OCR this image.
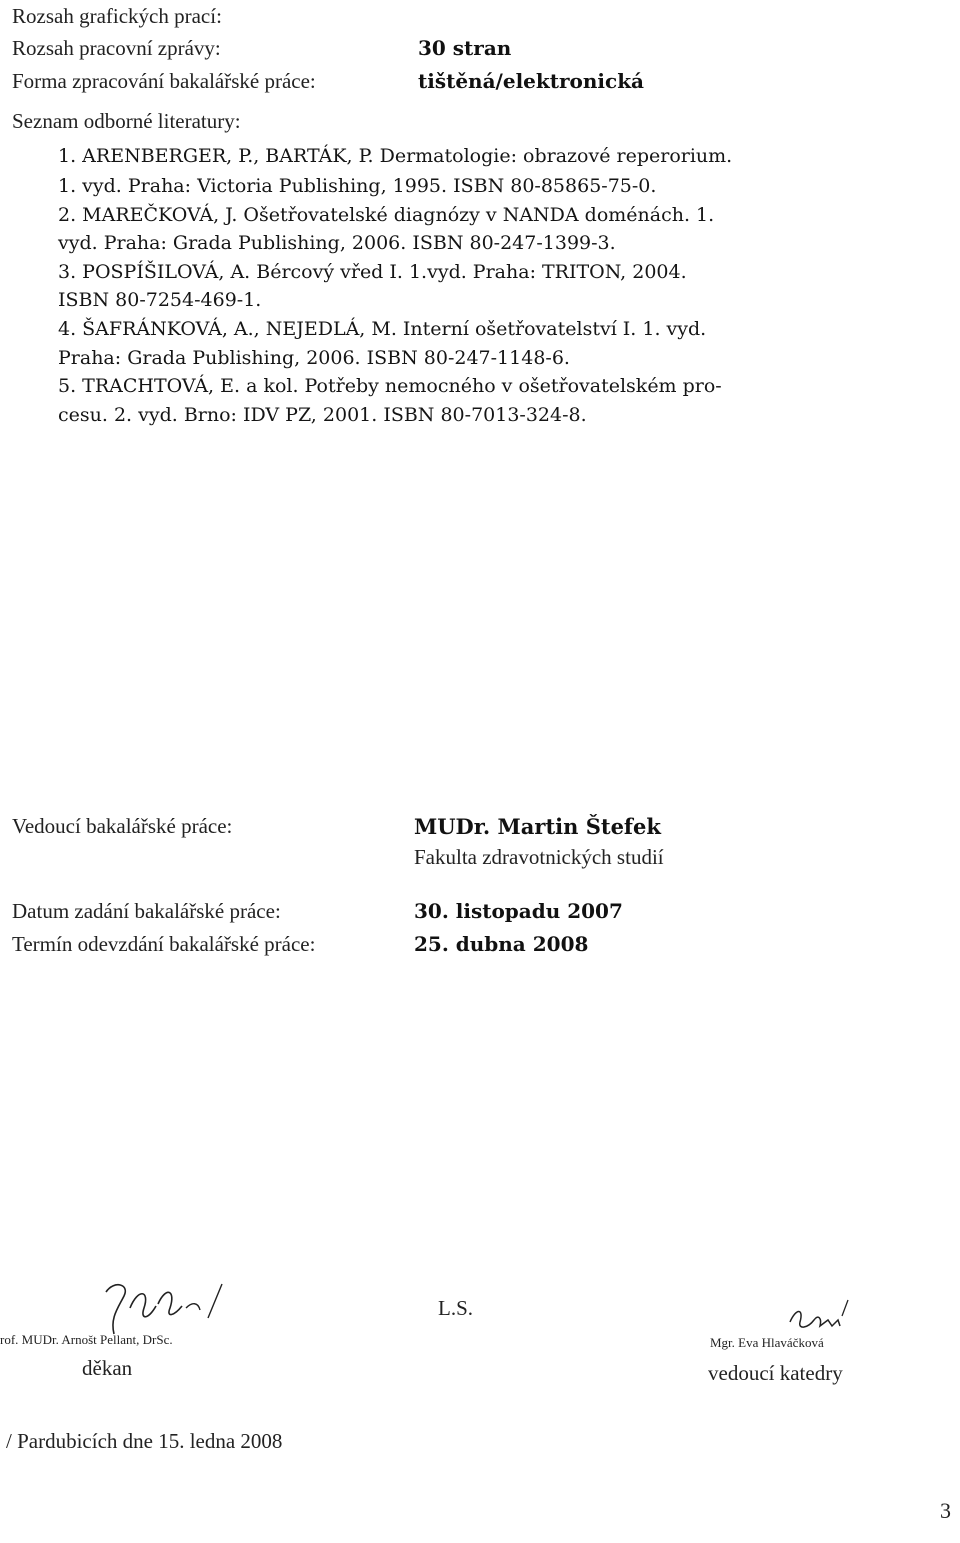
Rozsah grafických prací:
Rozsah pracovní zprávy:	30 stran
Forma zpracování bakalářské práce:	tištěná/elektronická
Seznam odborné literatury:
1. ARENBERGER, P., BARTÁK, P. Dermatologie: obrazové reperorium.
1. vyd. Praha: Victoria Publishing, 1995. ISBN 80-85865-75-0.
2. MAREČKOVÁ, J. Ošetřovatelské diagnózy v NANDA doménách. 1.
vyd. Praha: Grada Publishing, 2006. ISBN 80-247-1399-3.
3. POSPÍŠILOVÁ, A. Bércový vřed I. 1.vyd. Praha: TRITON, 2004.
ISBN 80-7254-469-1.
4. ŠAFRÁNKOVÁ, A., NEJEDLÁ, M. Interní ošetřovatelství I. 1. vyd.
Praha: Grada Publishing, 2006. ISBN 80-247-1148-6.
5. TRACHTOVÁ, E. a kol. Potřeby nemocného v ošetřovatelském pro-
cesu. 2. vyd. Brno: IDV PZ, 2001. ISBN 80-7013-324-8.
Vedoucí bakalářské práce:	MUDr. Martin Štefek
Fakulta zdravotnických studií
Datum zadání bakalářské práce:	30. listopadu 2007
Termín odevzdání bakalářské práce:	25. dubna 2008
rof. MUDr. Arnošt Pellant, DrSc.
děkan
L.S.
Mgr. Eva Hlaváčková
vedoucí katedry
/ Pardubicích dne 15. ledna 2008
3
